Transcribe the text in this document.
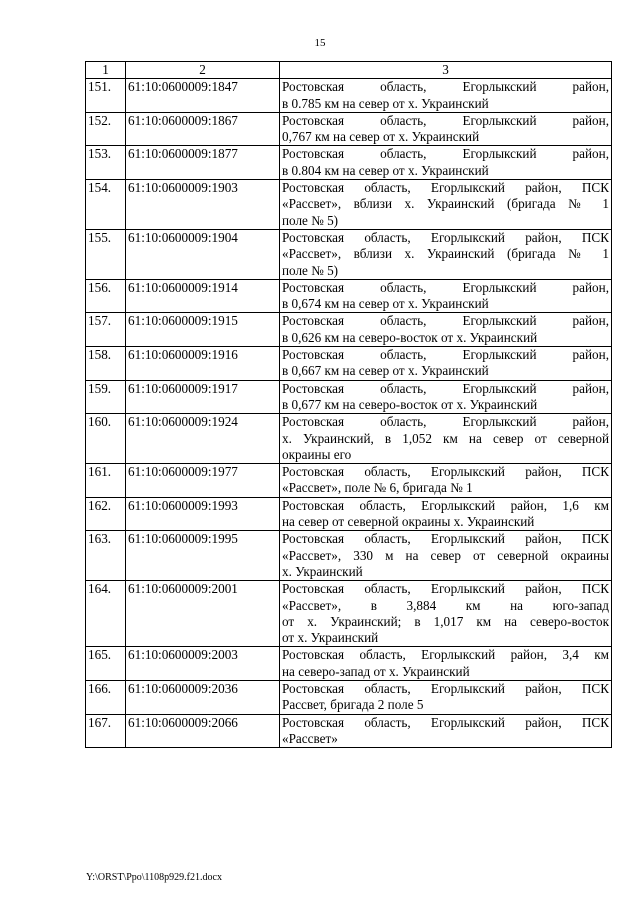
15
1	2	3
151.	61:10:0600009:1847	Ростовская область, Егорлыкский район,
в 0.785 км на север от х. Украинский

152.	61:10:0600009:1867	Ростовская область, Егорлыкский район,
0,767 км на север от х. Украинский

153.	61:10:0600009:1877	Ростовская область, Егорлыкский район,
в 0.804 км на север от х. Украинский

154.	61:10:0600009:1903	Ростовская область, Егорлыкский район, ПСК
«Рассвет», вблизи х. Украинский (бригада № 1
поле № 5)

155.	61:10:0600009:1904	Ростовская область, Егорлыкский район, ПСК
«Рассвет», вблизи х. Украинский (бригада № 1
поле № 5)

156.	61:10:0600009:1914	Ростовская область, Егорлыкский район,
в 0,674 км на север от х. Украинский

157.	61:10:0600009:1915	Ростовская область, Егорлыкский район,
в 0,626 км на северо-восток от х. Украинский

158.	61:10:0600009:1916	Ростовская область, Егорлыкский район,
в 0,667 км на север от х. Украинский

159.	61:10:0600009:1917	Ростовская область, Егорлыкский район,
в 0,677 км на северо-восток от х. Украинский

160.	61:10:0600009:1924	Ростовская область, Егорлыкский район,
х. Украинский, в 1,052 км на север от северной
окраины его

161.	61:10:0600009:1977	Ростовская область, Егорлыкский район, ПСК
«Рассвет», поле № 6, бригада № 1

162.	61:10:0600009:1993	Ростовская область, Егорлыкский район, 1,6 км
на север от северной окраины х. Украинский

163.	61:10:0600009:1995	Ростовская область, Егорлыкский район, ПСК
«Рассвет», 330 м на север от северной окраины
х. Украинский

164.	61:10:0600009:2001	Ростовская область, Егорлыкский район, ПСК
«Рассвет», в 3,884 км на юго-запад
от х. Украинский; в 1,017 км на северо-восток
от х. Украинский

165.	61:10:0600009:2003	Ростовская область, Егорлыкский район, 3,4 км
на северо-запад от х. Украинский

166.	61:10:0600009:2036	Ростовская область, Егорлыкский район, ПСК
Рассвет, бригада 2 поле 5

167.	61:10:0600009:2066	Ростовская область, Егорлыкский район, ПСК
«Рассвет»
Y:\ORST\Ppo\1108p929.f21.docx
